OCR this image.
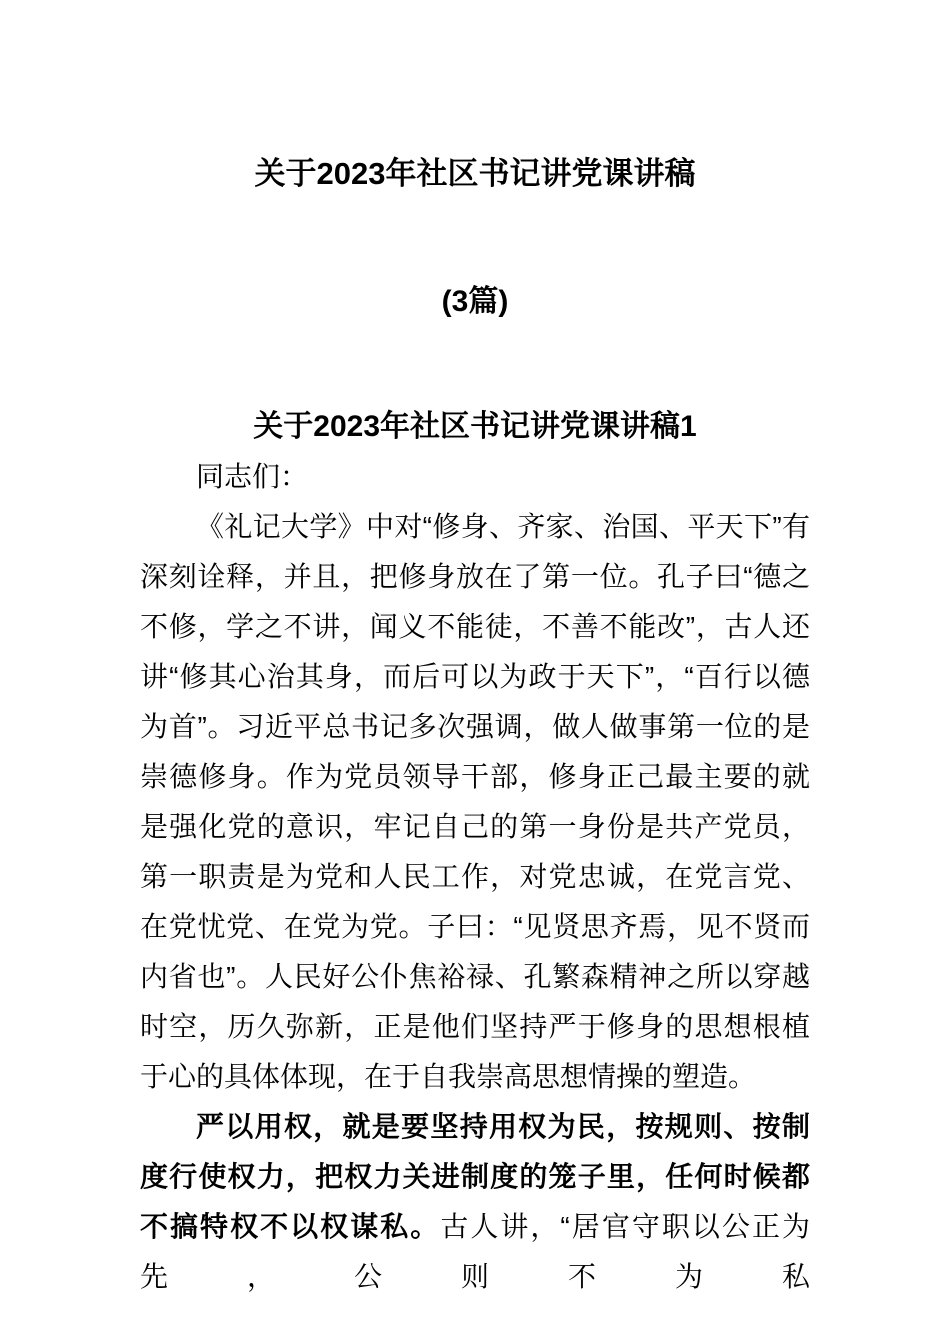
关于2023年社区书记讲党课讲稿
(3篇)
关于2023年社区书记讲党课讲稿1

同志们：

《礼记大学》中对“修身、齐家、治国、平天下”有深刻诠释，并且，把修身放在了第一位。孔子曰“德之不修，学之不讲，闻义不能徒，不善不能改”，古人还讲“修其心治其身，而后可以为政于天下”，“百行以德为首”。习近平总书记多次强调，做人做事第一位的是崇德修身。作为党员领导干部，修身正己最主要的就是强化党的意识，牢记自己的第一身份是共产党员，第一职责是为党和人民工作，对党忠诚，在党言党、在党忧党、在党为党。子曰：“见贤思齐焉，见不贤而内省也”。人民好公仆焦裕禄、孔繁森精神之所以穿越时空，历久弥新，正是他们坚持严于修身的思想根植于心的具体体现，在于自我崇高思想情操的塑造。

严以用权，就是要坚持用权为民，按规则、按制度行使权力，把权力关进制度的笼子里，任何时候都不搞特权不以权谋私。古人讲，“居官守职以公正为先，公则不为私
